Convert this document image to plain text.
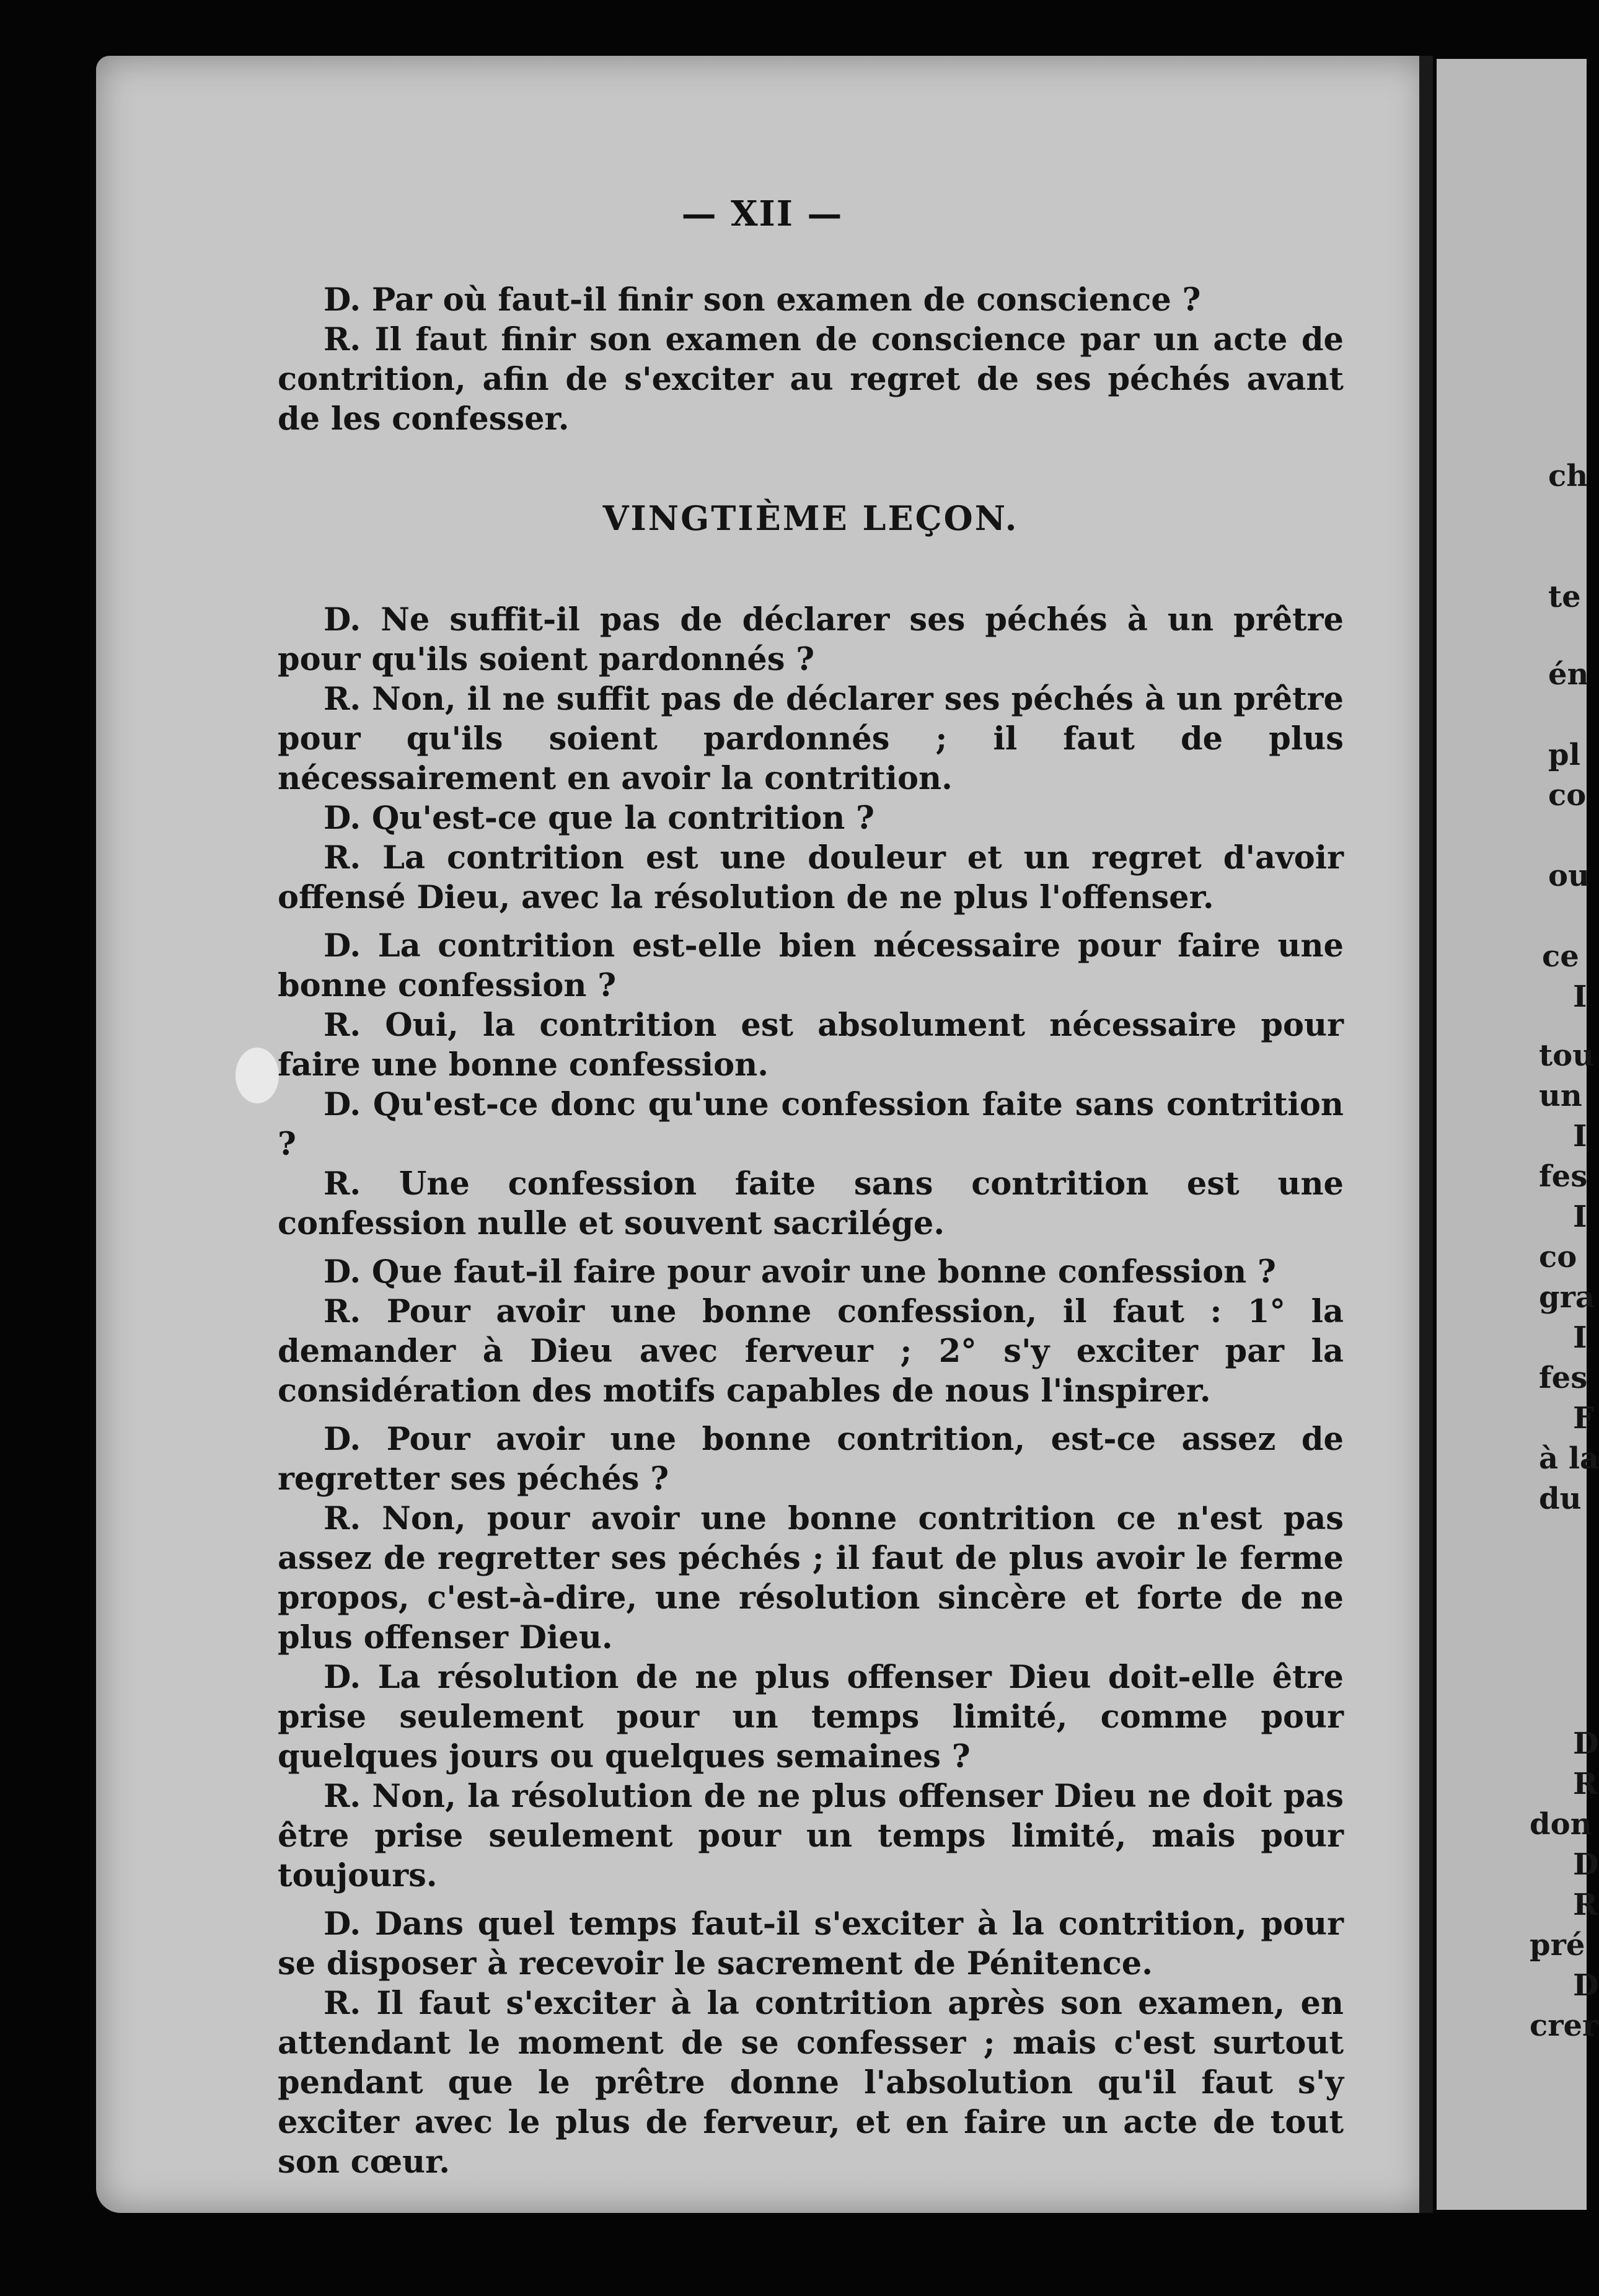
— XII —

D. Par où faut-il finir son examen de conscience ?

R. Il faut finir son examen de conscience par un acte de contrition, afin de s'exciter au regret de ses péchés avant de les confesser.

VINGTIÈME LEÇON.

D. Ne suffit-il pas de déclarer ses péchés à un prêtre pour qu'ils soient pardonnés ?

R. Non, il ne suffit pas de déclarer ses péchés à un prêtre pour qu'ils soient pardonnés ; il faut de plus nécessairement en avoir la contrition.

D. Qu'est-ce que la contrition ?

R. La contrition est une douleur et un regret d'avoir offensé Dieu, avec la résolution de ne plus l'offenser.

D. La contrition est-elle bien nécessaire pour faire une bonne confession ?

R. Oui, la contrition est absolument nécessaire pour faire une bonne confession.

D. Qu'est-ce donc qu'une confession faite sans contrition ?

R. Une confession faite sans contrition est une confession nulle et souvent sacrilége.

D. Que faut-il faire pour avoir une bonne confession ?

R. Pour avoir une bonne confession, il faut : 1° la demander à Dieu avec ferveur ; 2° s'y exciter par la considération des motifs capables de nous l'inspirer.

D. Pour avoir une bonne contrition, est-ce assez de regretter ses péchés ?

R. Non, pour avoir une bonne contrition ce n'est pas assez de regretter ses péchés ; il faut de plus avoir le ferme propos, c'est-à-dire, une résolution sincère et forte de ne plus offenser Dieu.

D. La résolution de ne plus offenser Dieu doit-elle être prise seulement pour un temps limité, comme pour quelques jours ou quelques semaines ?

R. Non, la résolution de ne plus offenser Dieu ne doit pas être prise seulement pour un temps limité, mais pour toujours.

D. Dans quel temps faut-il s'exciter à la contrition, pour se disposer à recevoir le sacrement de Pénitence.

R. Il faut s'exciter à la contrition après son examen, en attendant le moment de se confesser ; mais c'est surtout pendant que le prêtre donne l'absolution qu'il faut s'y exciter avec le plus de ferveur, et en faire un acte de tout son cœur.

ch
te
én
pl
co
ou
ce
I
tou
un
I
fes
I
co
gra
I
fes
F
à la
du
D
R
don
D
R
pré
D
crer
